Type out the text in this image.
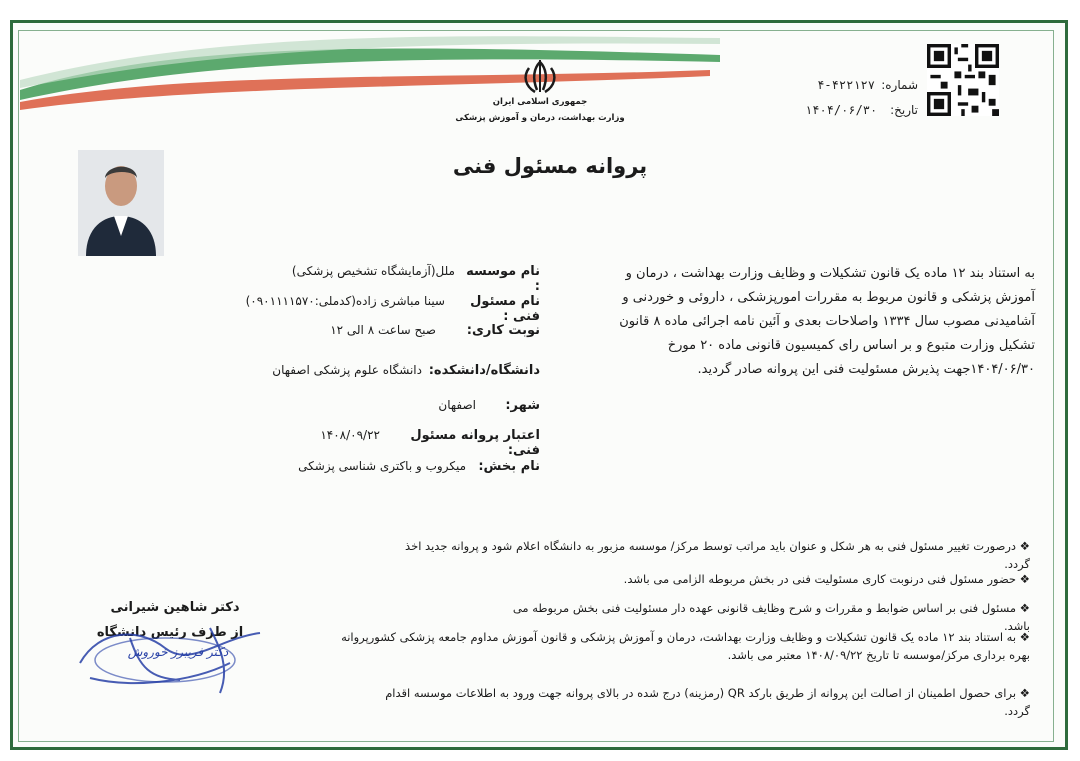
جمهوری اسلامی ایران
وزارت بهداشت، درمان و آموزش پزشکی
شماره:
۴-۴۲۲۱۲۷
تاریخ:
۱۴۰۴/۰۶/۳۰
پروانه مسئول فنی
نام موسسه :
ملل(آزمایشگاه تشخیص پزشکی)
نام مسئول فنی :
سینا مباشری زاده(کدملی:۰۹۰۱۱۱۱۵۷۰)
نوبت کاری:
صبح ساعت ۸ الی ۱۲
دانشگاه/دانشکده:
دانشگاه علوم پزشکی اصفهان
شهر:
اصفهان
اعتبار پروانه مسئول فنی:
۱۴۰۸/۰۹/۲۲
نام بخش:
میکروب و باکتری شناسی پزشکی
به استناد بند ۱۲ ماده یک قانون تشکیلات و وظایف وزارت بهداشت ، درمان و آموزش پزشکی و قانون مربوط به مقررات امورپزشکی ، داروئی و خوردنی و آشامیدنی مصوب سال ۱۳۳۴ واصلاحات بعدی و آئین نامه اجرائی ماده ۸ قانون تشکیل وزارت متبوع و بر اساس رای کمیسیون قانونی ماده ۲۰ مورخ ۱۴۰۴/۰۶/۳۰جهت پذیرش مسئولیت فنی این پروانه صادر گردید.
❖ درصورت تغییر مسئول فنی به هر شکل و عنوان باید مراتب توسط مرکز/ موسسه مزبور به دانشگاه اعلام شود و پروانه جدید اخذ گردد.
❖ حضور مسئول فنی درنوبت کاری مسئولیت فنی در بخش مربوطه الزامی می باشد.
❖ مسئول فنی بر اساس ضوابط و مقررات و شرح وظایف قانونی عهده دار مسئولیت فنی بخش مربوطه می باشد.
❖ به استناد بند ۱۲ ماده یک قانون تشکیلات و وظایف وزارت بهداشت، درمان و آموزش پزشکی و قانون آموزش مداوم جامعه پزشکی کشورپروانه بهره برداری مرکز/موسسه تا تاریخ ۱۴۰۸/۰۹/۲۲ معتبر می باشد.
❖ برای حصول اطمینان از اصالت این پروانه از طریق بارکد QR (رمزینه) درج شده در بالای پروانه جهت ورود به اطلاعات موسسه اقدام گردد.
دکتر شاهین شیرانی
از طرف رئیس دانشگاه
دکتر فریبرز خوروش
